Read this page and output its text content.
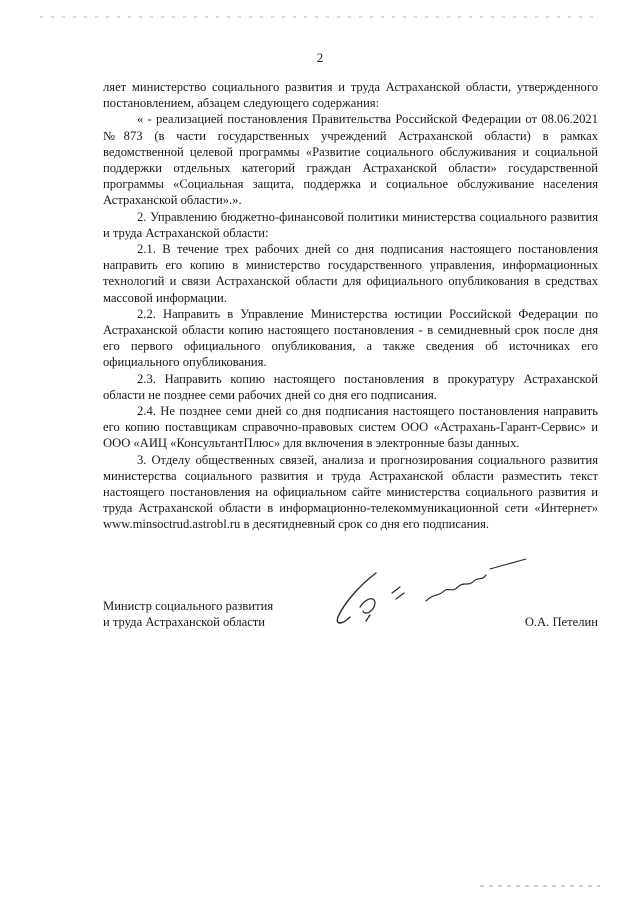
2

ляет министерство социального развития и труда Астраханской области, утвержденного постановлением, абзацем следующего содержания:

« - реализацией постановления Правительства Российской Федерации от 08.06.2021 №873 (в части государственных учреждений Астраханской области) в рамках ведомственной целевой программы «Развитие социального обслуживания и социальной поддержки отдельных категорий граждан Астраханской области» государственной программы «Социальная защита, поддержка и социальное обслуживание населения Астраханской области».».

2. Управлению бюджетно-финансовой политики министерства социального развития и труда Астраханской области:

2.1. В течение трех рабочих дней со дня подписания настоящего постановления направить его копию в министерство государственного управления, информационных технологий и связи Астраханской области для официального опубликования в средствах массовой информации.

2.2. Направить в Управление Министерства юстиции Российской Федерации по Астраханской области копию настоящего постановления - в семидневный срок после дня его первого официального опубликования, а также сведения об источниках его официального опубликования.

2.3. Направить копию настоящего постановления в прокуратуру Астраханской области не позднее семи рабочих дней со дня его подписания.

2.4. Не позднее семи дней со дня подписания настоящего постановления направить его копию поставщикам справочно-правовых систем ООО «Астрахань-Гарант-Сервис» и ООО «АИЦ «КонсультантПлюс» для включения в электронные базы данных.

3. Отделу общественных связей, анализа и прогнозирования социального развития министерства социального развития и труда Астраханской области разместить текст настоящего постановления на официальном сайте министерства социального развития и труда Астраханской области в информационно-телекоммуникационной сети «Интернет» www.minsoctrud.astrobl.ru в десятидневный срок со дня его подписания.

Министр социального развития
и труда Астраханской области	О.А. Петелин
